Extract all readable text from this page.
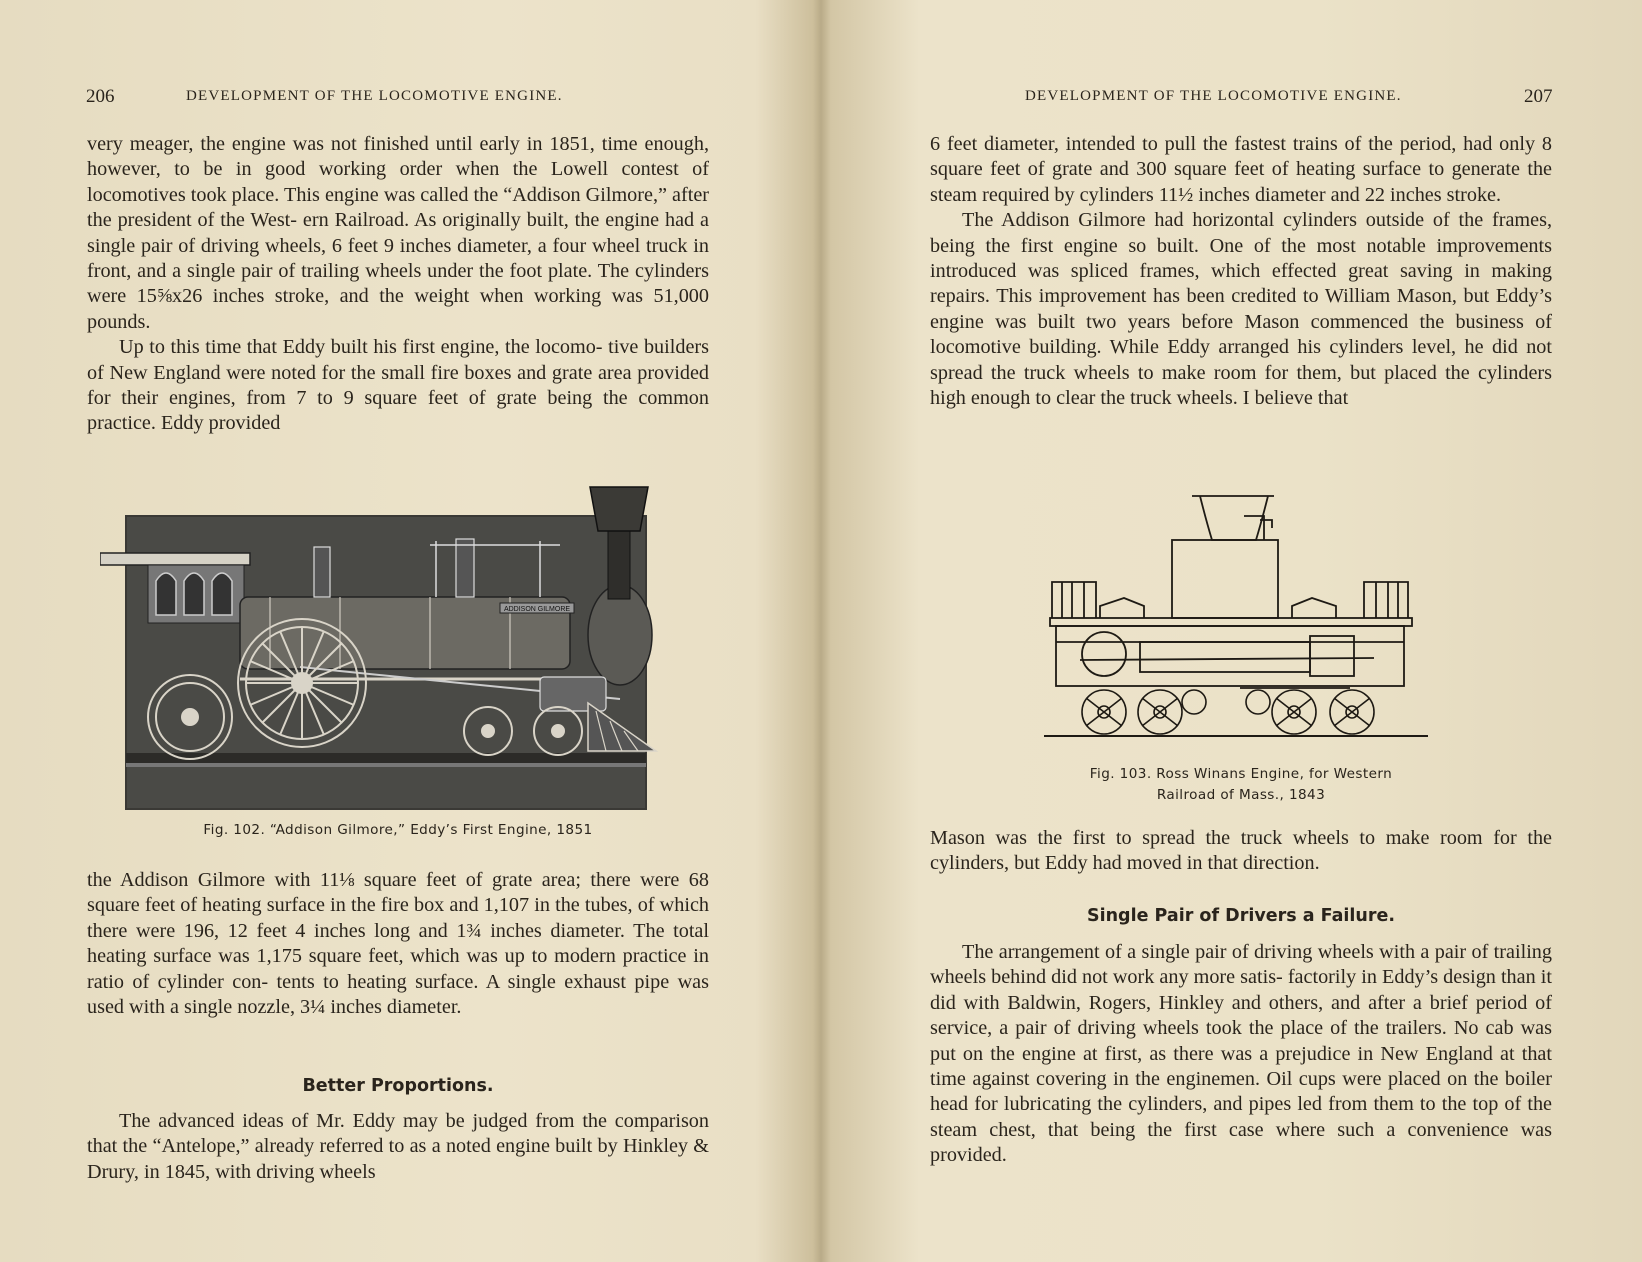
206	DEVELOPMENT OF THE LOCOMOTIVE ENGINE.

very meager, the engine was not finished until early in 1851, time enough, however, to be in good working order when the Lowell contest of locomotives took place. This engine was called the “Addison Gilmore,” after the president of the West- ern Railroad. As originally built, the engine had a single pair of driving wheels, 6 feet 9 inches diameter, a four wheel truck in front, and a single pair of trailing wheels under the foot plate. The cylinders were 15⅝x26 inches stroke, and the weight when working was 51,000 pounds.

Up to this time that Eddy built his first engine, the locomo- tive builders of New England were noted for the small fire boxes and grate area provided for their engines, from 7 to 9 square feet of grate being the common practice. Eddy provided

ADDISON GILMORE
Fig. 102. “Addison Gilmore,” Eddy’s First Engine, 1851

the Addison Gilmore with 11⅛ square feet of grate area; there were 68 square feet of heating surface in the fire box and 1,107 in the tubes, of which there were 196, 12 feet 4 inches long and 1¾ inches diameter. The total heating surface was 1,175 square feet, which was up to modern practice in ratio of cylinder con- tents to heating surface. A single exhaust pipe was used with a single nozzle, 3¼ inches diameter.

Better Proportions.

The advanced ideas of Mr. Eddy may be judged from the comparison that the “Antelope,” already referred to as a noted engine built by Hinkley & Drury, in 1845, with driving wheels

DEVELOPMENT OF THE LOCOMOTIVE ENGINE.	207

6 feet diameter, intended to pull the fastest trains of the period, had only 8 square feet of grate and 300 square feet of heating surface to generate the steam required by cylinders 11½ inches diameter and 22 inches stroke.

The Addison Gilmore had horizontal cylinders outside of the frames, being the first engine so built. One of the most notable improvements introduced was spliced frames, which effected great saving in making repairs. This improvement has been credited to William Mason, but Eddy’s engine was built two years before Mason commenced the business of locomotive building. While Eddy arranged his cylinders level, he did not spread the truck wheels to make room for them, but placed the cylinders high enough to clear the truck wheels. I believe that

Fig. 103. Ross Winans Engine, for Western
Railroad of Mass., 1843

Mason was the first to spread the truck wheels to make room for the cylinders, but Eddy had moved in that direction.

Single Pair of Drivers a Failure.

The arrangement of a single pair of driving wheels with a pair of trailing wheels behind did not work any more satis- factorily in Eddy’s design than it did with Baldwin, Rogers, Hinkley and others, and after a brief period of service, a pair of driving wheels took the place of the trailers. No cab was put on the engine at first, as there was a prejudice in New England at that time against covering in the enginemen. Oil cups were placed on the boiler head for lubricating the cylinders, and pipes led from them to the top of the steam chest, that being the first case where such a convenience was provided.
